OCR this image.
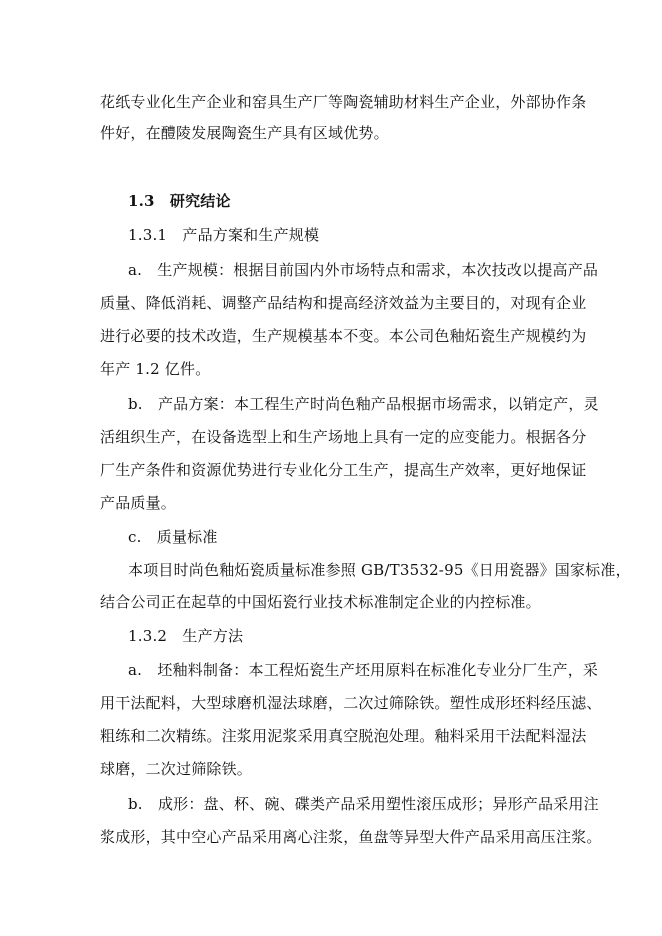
花纸专业化生产企业和窑具生产厂等陶瓷辅助材料生产企业，外部协作条
件好，在醴陵发展陶瓷生产具有区域优势。
1.3　研究结论
1.3.1　产品方案和生产规模
a.　生产规模：根据目前国内外市场特点和需求，本次技改以提高产品
质量、降低消耗、调整产品结构和提高经济效益为主要目的，对现有企业
进行必要的技术改造，生产规模基本不变。本公司色釉炻瓷生产规模约为
年产 1.2 亿件。
b.　产品方案：本工程生产时尚色釉产品根据市场需求，以销定产，灵
活组织生产，在设备选型上和生产场地上具有一定的应变能力。根据各分
厂生产条件和资源优势进行专业化分工生产，提高生产效率，更好地保证
产品质量。
c.　质量标准
本项目时尚色釉炻瓷质量标准参照 GB/T3532-95《日用瓷器》国家标准，
结合公司正在起草的中国炻瓷行业技术标准制定企业的内控标准。
1.3.2　生产方法
a.　坯釉料制备：本工程炻瓷生产坯用原料在标准化专业分厂生产，采
用干法配料，大型球磨机湿法球磨，二次过筛除铁。塑性成形坯料经压滤、
粗练和二次精练。注浆用泥浆采用真空脱泡处理。釉料采用干法配料湿法
球磨，二次过筛除铁。
b.　成形：盘、杯、碗、碟类产品采用塑性滚压成形；异形产品采用注
浆成形，其中空心产品采用离心注浆，鱼盘等异型大件产品采用高压注浆。
